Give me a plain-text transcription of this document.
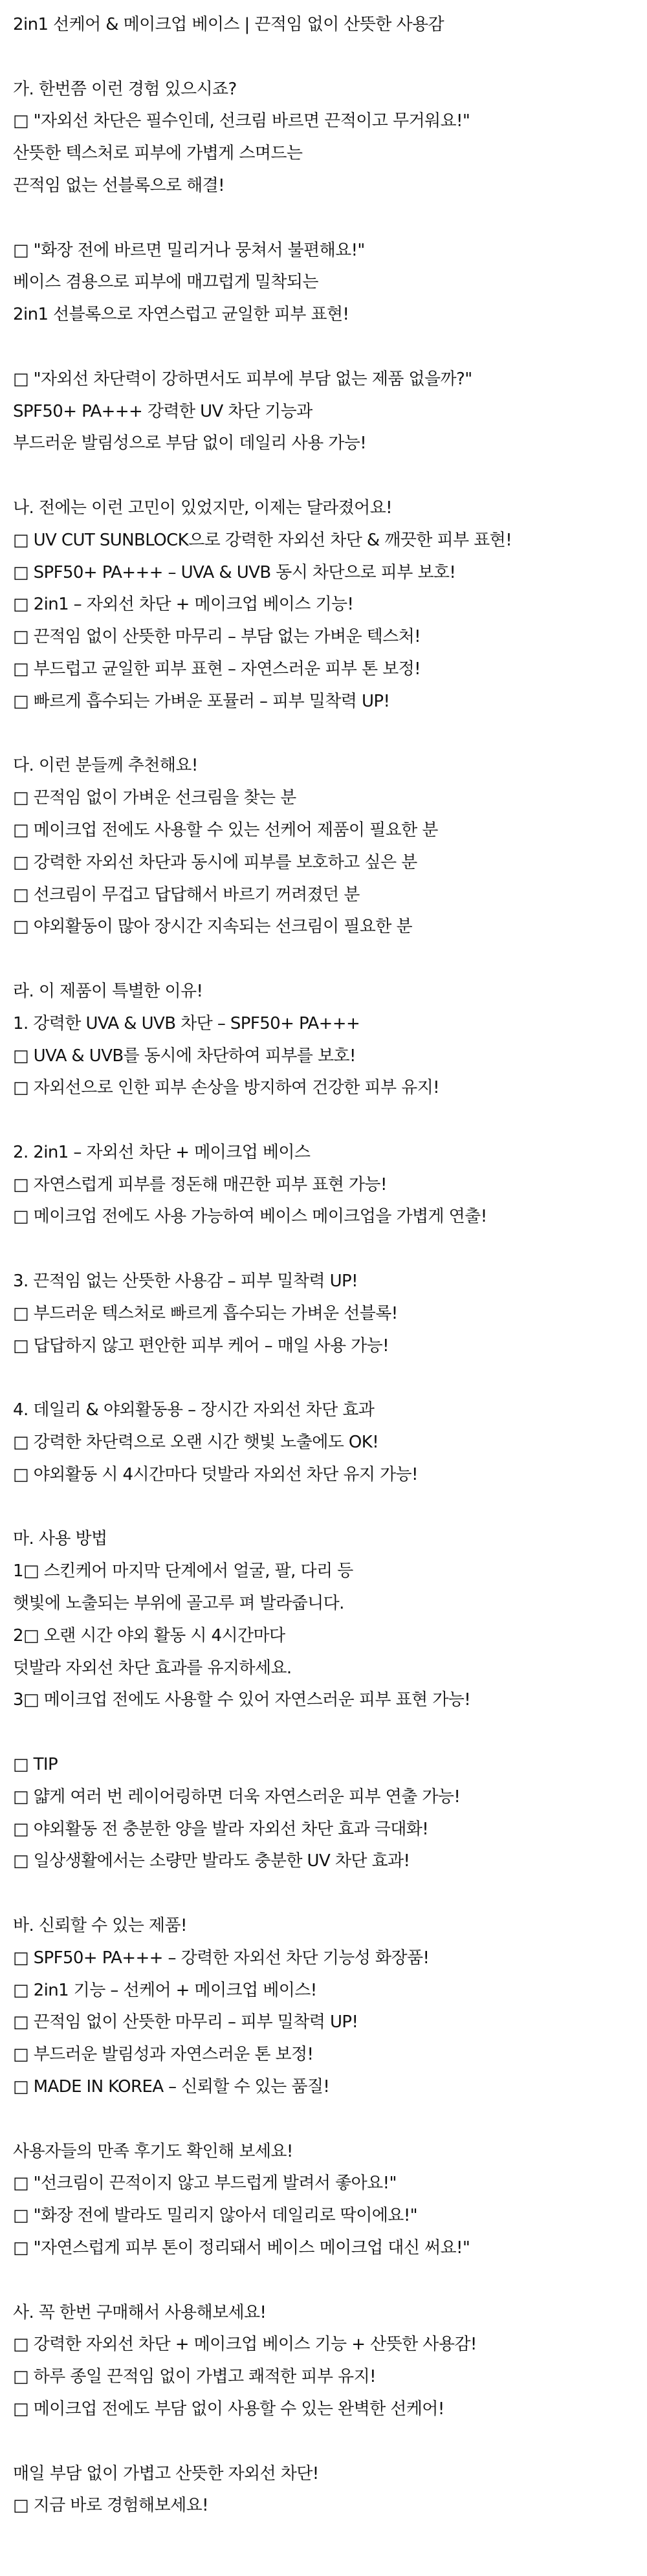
2in1 선케어 & 메이크업 베이스 | 끈적임 없이 산뜻한 사용감
가. 한번쯤 이런 경험 있으시죠?
□ "자외선 차단은 필수인데, 선크림 바르면 끈적이고 무거워요!"
산뜻한 텍스처로 피부에 가볍게 스며드는
끈적임 없는 선블록으로 해결!
□ "화장 전에 바르면 밀리거나 뭉쳐서 불편해요!"
베이스 겸용으로 피부에 매끄럽게 밀착되는
2in1 선블록으로 자연스럽고 균일한 피부 표현!
□ "자외선 차단력이 강하면서도 피부에 부담 없는 제품 없을까?"
SPF50+ PA+++ 강력한 UV 차단 기능과
부드러운 발림성으로 부담 없이 데일리 사용 가능!
나. 전에는 이런 고민이 있었지만, 이제는 달라졌어요!
□ UV CUT SUNBLOCK으로 강력한 자외선 차단 & 깨끗한 피부 표현!
□ SPF50+ PA+++ – UVA & UVB 동시 차단으로 피부 보호!
□ 2in1 – 자외선 차단 + 메이크업 베이스 기능!
□ 끈적임 없이 산뜻한 마무리 – 부담 없는 가벼운 텍스처!
□ 부드럽고 균일한 피부 표현 – 자연스러운 피부 톤 보정!
□ 빠르게 흡수되는 가벼운 포뮬러 – 피부 밀착력 UP!
다. 이런 분들께 추천해요!
□ 끈적임 없이 가벼운 선크림을 찾는 분
□ 메이크업 전에도 사용할 수 있는 선케어 제품이 필요한 분
□ 강력한 자외선 차단과 동시에 피부를 보호하고 싶은 분
□ 선크림이 무겁고 답답해서 바르기 꺼려졌던 분
□ 야외활동이 많아 장시간 지속되는 선크림이 필요한 분
라. 이 제품이 특별한 이유!
1. 강력한 UVA & UVB 차단 – SPF50+ PA+++
□ UVA & UVB를 동시에 차단하여 피부를 보호!
□ 자외선으로 인한 피부 손상을 방지하여 건강한 피부 유지!
2. 2in1 – 자외선 차단 + 메이크업 베이스
□ 자연스럽게 피부를 정돈해 매끈한 피부 표현 가능!
□ 메이크업 전에도 사용 가능하여 베이스 메이크업을 가볍게 연출!
3. 끈적임 없는 산뜻한 사용감 – 피부 밀착력 UP!
□ 부드러운 텍스처로 빠르게 흡수되는 가벼운 선블록!
□ 답답하지 않고 편안한 피부 케어 – 매일 사용 가능!
4. 데일리 & 야외활동용 – 장시간 자외선 차단 효과
□ 강력한 차단력으로 오랜 시간 햇빛 노출에도 OK!
□ 야외활동 시 4시간마다 덧발라 자외선 차단 유지 가능!
마. 사용 방법
1□ 스킨케어 마지막 단계에서 얼굴, 팔, 다리 등
햇빛에 노출되는 부위에 골고루 펴 발라줍니다.
2□ 오랜 시간 야외 활동 시 4시간마다
덧발라 자외선 차단 효과를 유지하세요.
3□ 메이크업 전에도 사용할 수 있어 자연스러운 피부 표현 가능!
□ TIP
□ 얇게 여러 번 레이어링하면 더욱 자연스러운 피부 연출 가능!
□ 야외활동 전 충분한 양을 발라 자외선 차단 효과 극대화!
□ 일상생활에서는 소량만 발라도 충분한 UV 차단 효과!
바. 신뢰할 수 있는 제품!
□ SPF50+ PA+++ – 강력한 자외선 차단 기능성 화장품!
□ 2in1 기능 – 선케어 + 메이크업 베이스!
□ 끈적임 없이 산뜻한 마무리 – 피부 밀착력 UP!
□ 부드러운 발림성과 자연스러운 톤 보정!
□ MADE IN KOREA – 신뢰할 수 있는 품질!
사용자들의 만족 후기도 확인해 보세요!
□ "선크림이 끈적이지 않고 부드럽게 발려서 좋아요!"
□ "화장 전에 발라도 밀리지 않아서 데일리로 딱이에요!"
□ "자연스럽게 피부 톤이 정리돼서 베이스 메이크업 대신 써요!"
사. 꼭 한번 구매해서 사용해보세요!
□ 강력한 자외선 차단 + 메이크업 베이스 기능 + 산뜻한 사용감!
□ 하루 종일 끈적임 없이 가볍고 쾌적한 피부 유지!
□ 메이크업 전에도 부담 없이 사용할 수 있는 완벽한 선케어!
매일 부담 없이 가볍고 산뜻한 자외선 차단!
□ 지금 바로 경험해보세요!
